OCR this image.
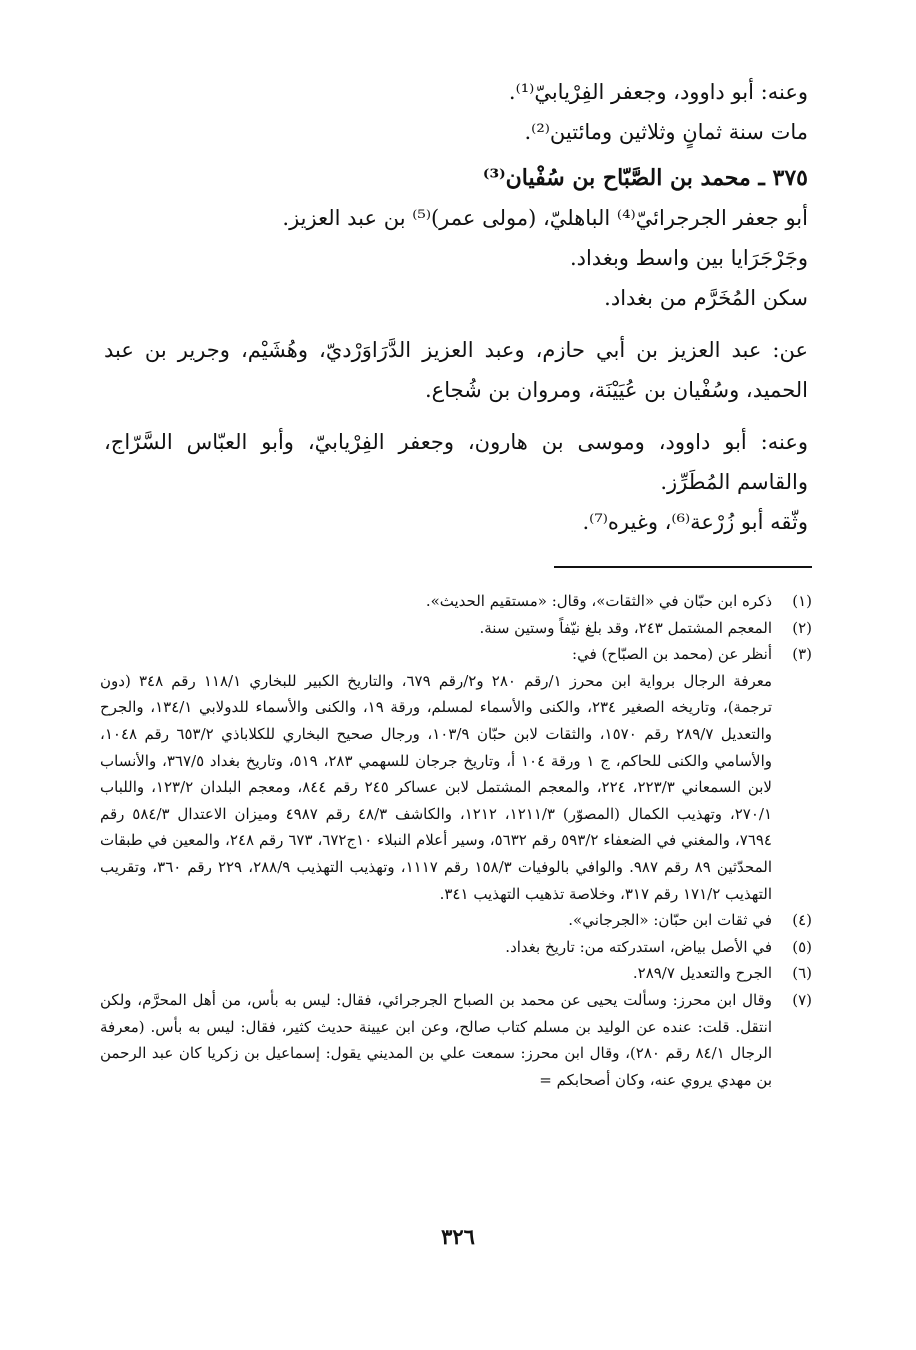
وعنه: أبو داوود، وجعفر الفِرْيابيّ⁽¹⁾.

مات سنة ثمانٍ وثلاثين ومائتين⁽²⁾.

٣٧٥ ـ محمد بن الصَّبّاح بن سُفْيان⁽³⁾

أبو جعفر الجرجرائيّ⁽⁴⁾ الباهليّ، (مولى عمر)⁽⁵⁾ بن عبد العزيز.

وجَرْجَرَايا بين واسط وبغداد.

سكن المُخَرَّم من بغداد.

عن: عبد العزيز بن أبي حازم، وعبد العزيز الدَّرَاوَرْديّ، وهُشَيْم، وجرير بن عبد الحميد، وسُفْيان بن عُيَيْنَة، ومروان بن شُجاع.

وعنه: أبو داوود، وموسى بن هارون، وجعفر الفِرْيابيّ، وأبو العبّاس السَّرّاج، والقاسم المُطَرِّز.

وثّقه أبو زُرْعة⁽⁶⁾، وغيره⁽⁷⁾.

(١)
ذكره ابن حبّان في «الثقات»، وقال: «مستقيم الحديث».
(٢)
المعجم المشتمل ٢٤٣، وقد بلغ نيّفاً وستين سنة.
(٣)
أنظر عن (محمد بن الصبّاح) في:

معرفة الرجال برواية ابن محرز ١/رقم ٢٨٠ و٢/رقم ٦٧٩، والتاريخ الكبير للبخاري ١١٨/١ رقم ٣٤٨ (دون ترجمة)، وتاريخه الصغير ٢٣٤، والكنى والأسماء لمسلم، ورقة ١٩، والكنى والأسماء للدولابي ١٣٤/١، والجرح والتعديل ٢٨٩/٧ رقم ١٥٧٠، والثقات لابن حبّان ١٠٣/٩، ورجال صحيح البخاري للكلاباذي ٦٥٣/٢ رقم ١٠٤٨، والأسامي والكنى للحاكم، ج ١ ورقة ١٠٤ أ، وتاريخ جرجان للسهمي ٢٨٣، ٥١٩، وتاريخ بغداد ٣٦٧/٥، والأنساب لابن السمعاني ٢٢٣/٣، ٢٢٤، والمعجم المشتمل لابن عساكر ٢٤٥ رقم ٨٤٤، ومعجم البلدان ١٢٣/٢، واللباب ٢٧٠/١، وتهذيب الكمال (المصوّر) ١٢١١/٣، ١٢١٢، والكاشف ٤٨/٣ رقم ٤٩٨٧ وميزان الاعتدال ٥٨٤/٣ رقم ٧٦٩٤، والمغني في الضعفاء ٥٩٣/٢ رقم ٥٦٣٢، وسير أعلام النبلاء ١٠ج٦٧٢، ٦٧٣ رقم ٢٤٨، والمعين في طبقات المحدّثين ٨٩ رقم ٩٨٧. والوافي بالوفيات ١٥٨/٣ رقم ١١١٧، وتهذيب التهذيب ٢٨٨/٩، ٢٢٩ رقم ٣٦٠، وتقريب التهذيب ١٧١/٢ رقم ٣١٧، وخلاصة تذهيب التهذيب ٣٤١.

(٤)
في ثقات ابن حبّان: «الجرجاني».
(٥)
في الأصل بياض، استدركته من: تاريخ بغداد.
(٦)
الجرح والتعديل ٢٨٩/٧.
(٧)
وقال ابن محرز: وسألت يحيى عن محمد بن الصباح الجرجرائي، فقال: ليس به بأس، من أهل المحرَّم، ولكن انتقل. قلت: عنده عن الوليد بن مسلم كتاب صالح، وعن ابن عيينة حديث كثير، فقال: ليس به بأس. (معرفة الرجال ٨٤/١ رقم ٢٨٠)، وقال ابن محرز: سمعت علي بن المديني يقول: إسماعيل بن زكريا كان عبد الرحمن بن مهدي يروي عنه، وكان أصحابكم =
٣٢٦
